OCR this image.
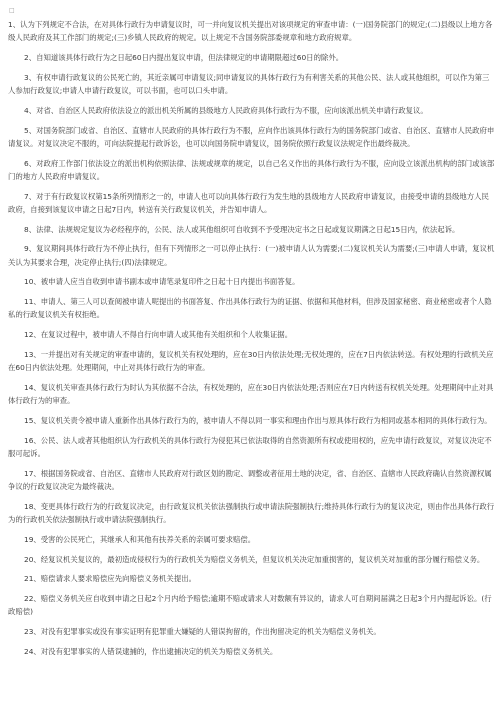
□
1、认为下列规定不合法，在对具体行政行为申请复议时，可一并向复议机关提出对该项规定的审查申请：(一)国务院部门的规定;(二)县级以上地方各级人民政府及其工作部门的规定;(三)乡镇人民政府的规定。以上规定不含国务院部委规章和地方政府规章。
2、自知道该具体行政行为之日起60日内提出复议申请，但法律规定的申请期限超过60日的除外。
3、有权申请行政复议的公民死亡的，其近亲属可申请复议;同申请复议的具体行政行为有利害关系的其他公民、法人或其他组织，可以作为第三人参加行政复议;申请人申请行政复议，可以书面，也可以口头申请。
4、对省、自治区人民政府依法设立的派出机关所属的县级地方人民政府具体行政行为不服，应向该派出机关申请行政复议。
5、对国务院部门或省、自治区、直辖市人民政府的具体行政行为不服，应向作出该具体行政行为的国务院部门或省、自治区、直辖市人民政府申请复议。对复议决定不服的，可向法院提起行政诉讼，也可以向国务院申请复议，国务院依照行政复议法规定作出最终裁决。
6、对政府工作部门依法设立的派出机构依照法律、法规或规章的规定，以自己名义作出的具体行政行为不服，应向设立该派出机构的部门或该部门的地方人民政府申请复议。
7、对于有行政复议权第15条所列情形之一的，申请人也可以向具体行政行为发生地的县级地方人民政府申请复议，由接受申请的县级地方人民政府，自接到该复议申请之日起7日内，转送有关行政复议机关，并告知申请人。
8、法律、法规规定复议为必经程序的，公民、法人或其他组织可自收到不予受理决定书之日起或复议期满之日起15日内，依法起诉。
9、复议期间具体行政行为不停止执行，但有下列情形之一可以停止执行：(一)被申请人认为需要;(二)复议机关认为需要;(三)申请人申请，复议机关认为其要求合理，决定停止执行;(四)法律规定。
10、被申请人应当自收到申请书副本或申请笔录复印件之日起十日内提出书面答复。
11、申请人、第三人可以查阅被申请人呢提出的书面答复、作出具体行政行为的证据、依据和其他材料，但涉及国家秘密、商业秘密或者个人隐私的行政复议机关有权拒绝。
12、在复议过程中，被申请人不得自行向申请人或其他有关组织和个人收集证据。
13、一并提出对有关规定的审查申请的，复议机关有权处理的，应在30日内依法处理;无权处理的，应在7日内依法转送。有权处理的行政机关应在60日内依法处理。处理期间，中止对具体行政行为的审查。
14、复议机关审查具体行政行为时认为其依据不合法，有权处理的，应在30日内依法处理;否则应在7日内转送有权机关处理。处理期间中止对具体行政行为的审查。
15、复议机关责令被申请人重新作出具体行政行为的，被申请人不得以同一事实和理由作出与原具体行政行为相同或基本相同的具体行政行为。
16、公民、法人或者其他组织认为行政机关的具体行政行为侵犯其已依法取得的自然资源所有权或使用权的，应先申请行政复议，对复议决定不服可起诉。
17、根据国务院或省、自治区、直辖市人民政府对行政区划的勘定、调整或者征用土地的决定，省、自治区、直辖市人民政府确认自然资源权属争议的行政复议决定为最终裁决。
18、变更具体行政行为的行政复议决定，由行政复议机关依法强制执行或申请法院强制执行;维持具体行政行为的复议决定，则由作出具体行政行为的行政机关依法强制执行或申请法院强制执行。
19、受害的公民死亡，其继承人和其他有扶养关系的亲属可要求赔偿。
20、经复议机关复议的，最初造成侵权行为的行政机关为赔偿义务机关，但复议机关决定加重损害的，复议机关对加重的部分履行赔偿义务。
21、赔偿请求人要求赔偿应先向赔偿义务机关提出。
22、赔偿义务机关应自收到申请之日起2个月内给予赔偿;逾期不赔或请求人对数额有异议的，请求人可自期间届满之日起3个月内提起诉讼。(行政赔偿)
23、对没有犯罪事实或没有事实证明有犯罪重大嫌疑的人错误拘留的，作出拘留决定的机关为赔偿义务机关。
24、对没有犯罪事实的人错误逮捕的，作出逮捕决定的机关为赔偿义务机关。
